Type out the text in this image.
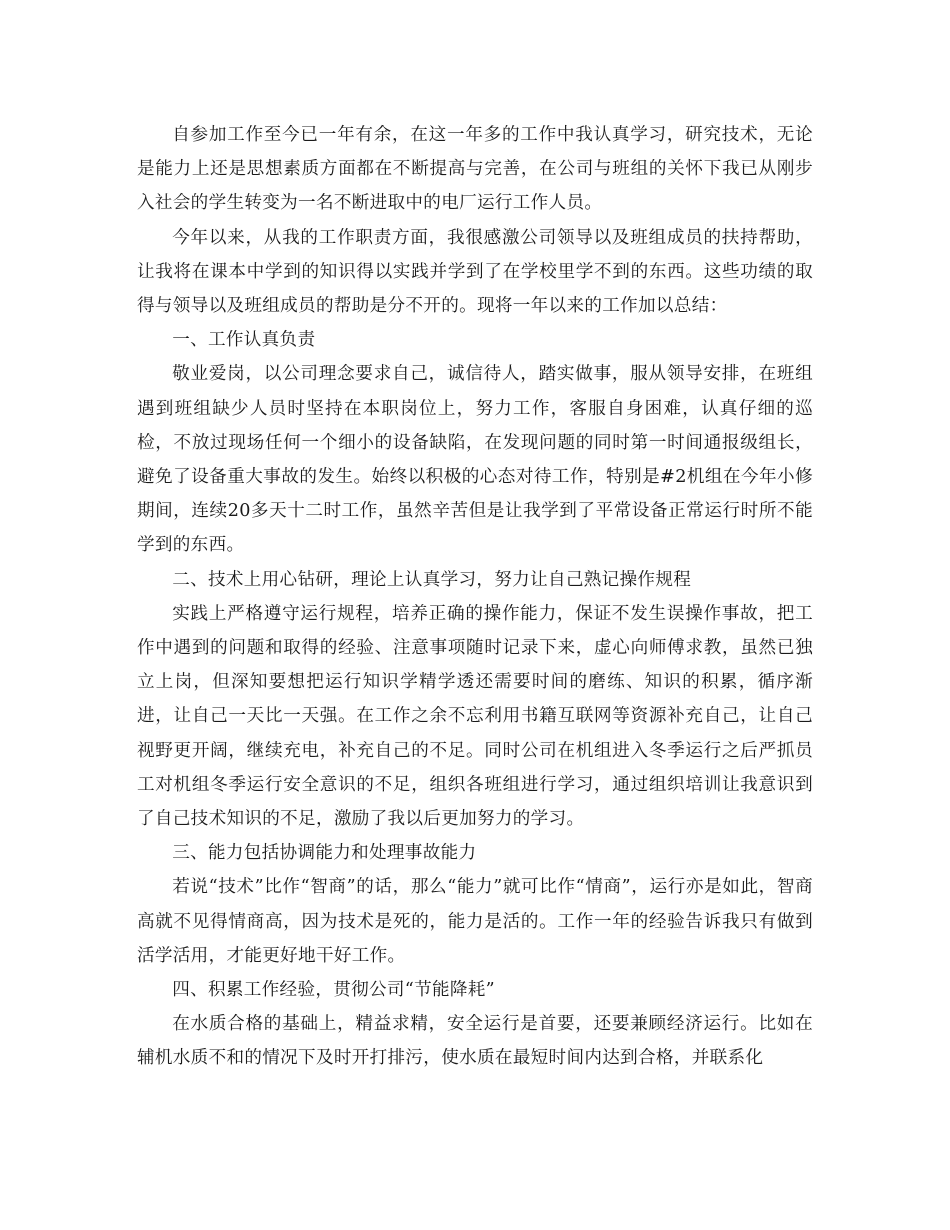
自参加工作至今已一年有余，在这一年多的工作中我认真学习，研究技术，无论是能力上还是思想素质方面都在不断提高与完善，在公司与班组的关怀下我已从刚步入社会的学生转变为一名不断进取中的电厂运行工作人员。

今年以来，从我的工作职责方面，我很感激公司领导以及班组成员的扶持帮助，让我将在课本中学到的知识得以实践并学到了在学校里学不到的东西。这些功绩的取得与领导以及班组成员的帮助是分不开的。现将一年以来的工作加以总结：

一、工作认真负责

敬业爱岗，以公司理念要求自己，诚信待人，踏实做事，服从领导安排，在班组遇到班组缺少人员时坚持在本职岗位上，努力工作，客服自身困难，认真仔细的巡检，不放过现场任何一个细小的设备缺陷，在发现问题的同时第一时间通报级组长，避免了设备重大事故的发生。始终以积极的心态对待工作，特别是#2机组在今年小修期间，连续20多天十二时工作，虽然辛苦但是让我学到了平常设备正常运行时所不能学到的东西。

二、技术上用心钻研，理论上认真学习，努力让自己熟记操作规程

实践上严格遵守运行规程，培养正确的操作能力，保证不发生误操作事故，把工作中遇到的问题和取得的经验、注意事项随时记录下来，虚心向师傅求教，虽然已独立上岗，但深知要想把运行知识学精学透还需要时间的磨练、知识的积累，循序渐进，让自己一天比一天强。在工作之余不忘利用书籍互联网等资源补充自己，让自己视野更开阔，继续充电，补充自己的不足。同时公司在机组进入冬季运行之后严抓员工对机组冬季运行安全意识的不足，组织各班组进行学习，通过组织培训让我意识到了自己技术知识的不足，激励了我以后更加努力的学习。

三、能力包括协调能力和处理事故能力

若说“技术”比作“智商”的话，那么“能力”就可比作“情商”，运行亦是如此，智商高就不见得情商高，因为技术是死的，能力是活的。工作一年的经验告诉我只有做到活学活用，才能更好地干好工作。

四、积累工作经验，贯彻公司“节能降耗”

在水质合格的基础上，精益求精，安全运行是首要，还要兼顾经济运行。比如在辅机水质不和的情况下及时开打排污，使水质在最短时间内达到合格，并联系化
